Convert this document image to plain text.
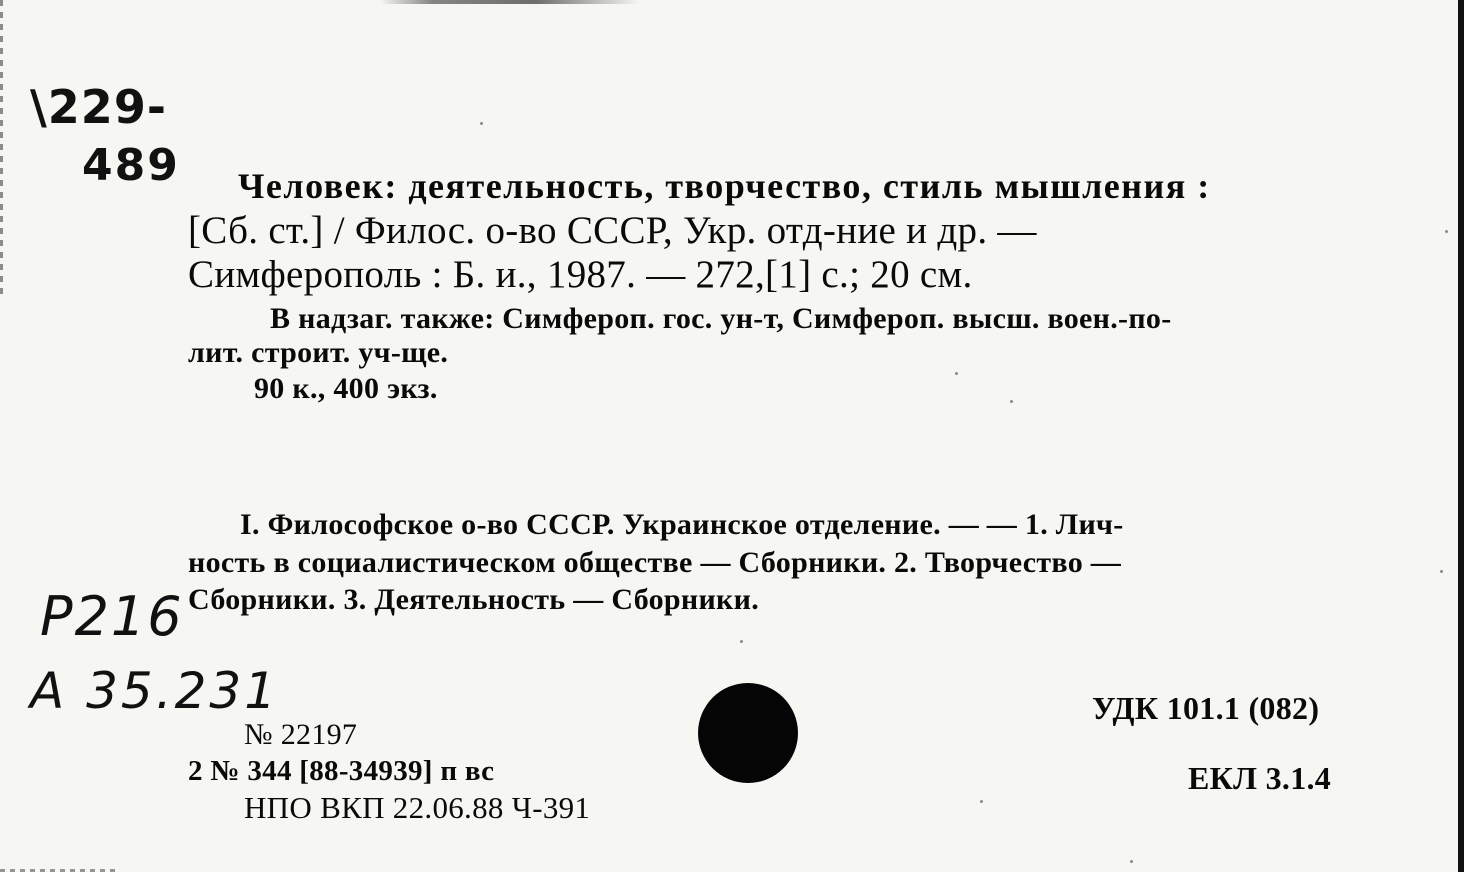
\229-
489
P216
A 35.231
Человек: деятельность, творчество, стиль мышления :
[Сб. ст.] / Филос. о-во СССР, Укр. отд-ние и др. —
Симферополь : Б. и., 1987. — 272,[1] с.; 20 см.
В надзаг. также: Симфероп. гос. ун-т, Симфероп. высш. воен.-по-
лит. строит. уч-ще.
90 к., 400 экз.
I. Философское о-во СССР. Украинское отделение. — — 1. Лич-
ность в социалистическом обществе — Сборники. 2. Творчество —
Сборники. 3. Деятельность — Сборники.
№ 22197
2 № 344 [88-34939] п вс
НПО ВКП 22.06.88 Ч-391
УДК 101.1 (082)
ЕКЛ 3.1.4
